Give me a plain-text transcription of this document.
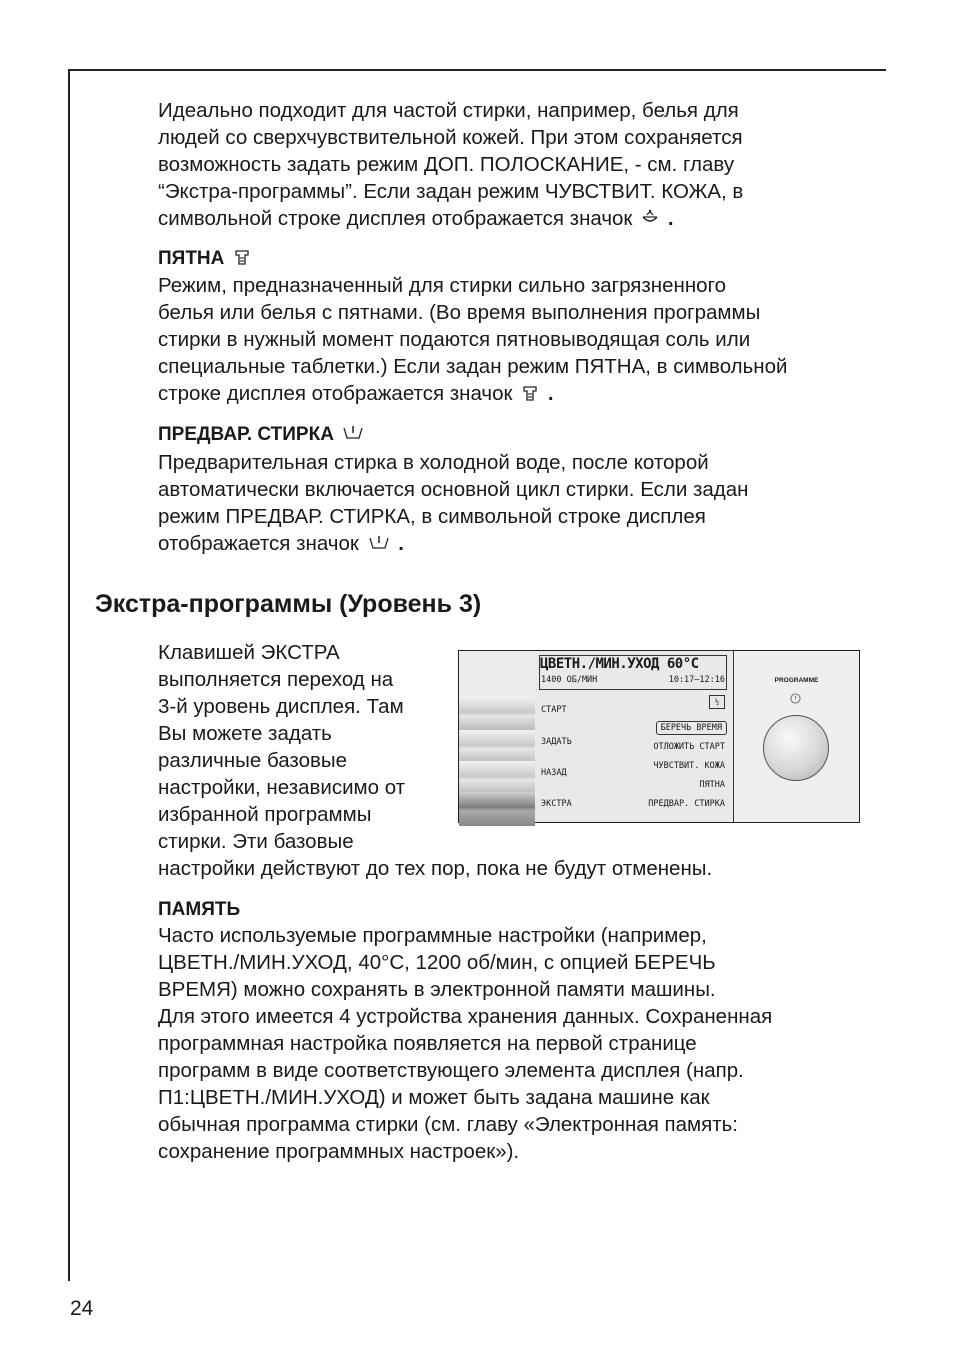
Идеально подходит для частой стирки, например, белья для
людей со сверхчувствительной кожей. При этом сохраняется
возможность задать режим ДОП. ПОЛОСКАНИЕ, - см. главу
“Экстра-программы”. Если задан режим ЧУВСТВИТ. КОЖА, в
символьной строке дисплея отображается значок .

ПЯТНА

Режим, предназначенный для стирки сильно загрязненного
белья или белья с пятнами. (Во время выполнения программы
стирки в нужный момент подаются пятновыводящая соль или
специальные таблетки.) Если задан режим ПЯТНА, в символьной
строке дисплея отображается значок .

ПРЕДВАР. СТИРКА

Предварительная стирка в холодной воде, после которой
автоматически включается основной цикл стирки. Если задан
режим ПРЕДВАР. СТИРКА, в символьной строке дисплея
отображается значок .

Экстра-программы (Уровень 3)

Клавишей ЭКСТРА
выполняется переход на
3-й уровень дисплея. Там
Вы можете задать
различные базовые
настройки, независимо от
избранной программы
стирки. Эти базовые
настройки действуют до тех пор, пока не будут отменены.

ЦВЕТН./МИН.УХОД 60°C
1400 ОБ/МИН	10:17–12:16
½
СТАРТ
ЗАДАТЬ
НАЗАД
ЭКСТРА
БЕРЕЧЬ ВРЕМЯ
ОТЛОЖИТЬ СТАРТ
ЧУВСТВИТ. КОЖА
ПЯТНА
ПРЕДВАР. СТИРКА
PROGRAMME
ПАМЯТЬ

Часто используемые программные настройки (например,
ЦВЕТН./МИН.УХОД, 40°C, 1200 об/мин, с опцией БЕРЕЧЬ
ВРЕМЯ) можно сохранять в электронной памяти машины.
Для этого имеется 4 устройства хранения данных. Сохраненная
программная настройка появляется на первой странице
программ в виде соответствующего элемента дисплея (напр.
П1:ЦВЕТН./МИН.УХОД) и может быть задана машине как
обычная программа стирки (см. главу «Электронная память:
сохранение программных настроек»).

24
